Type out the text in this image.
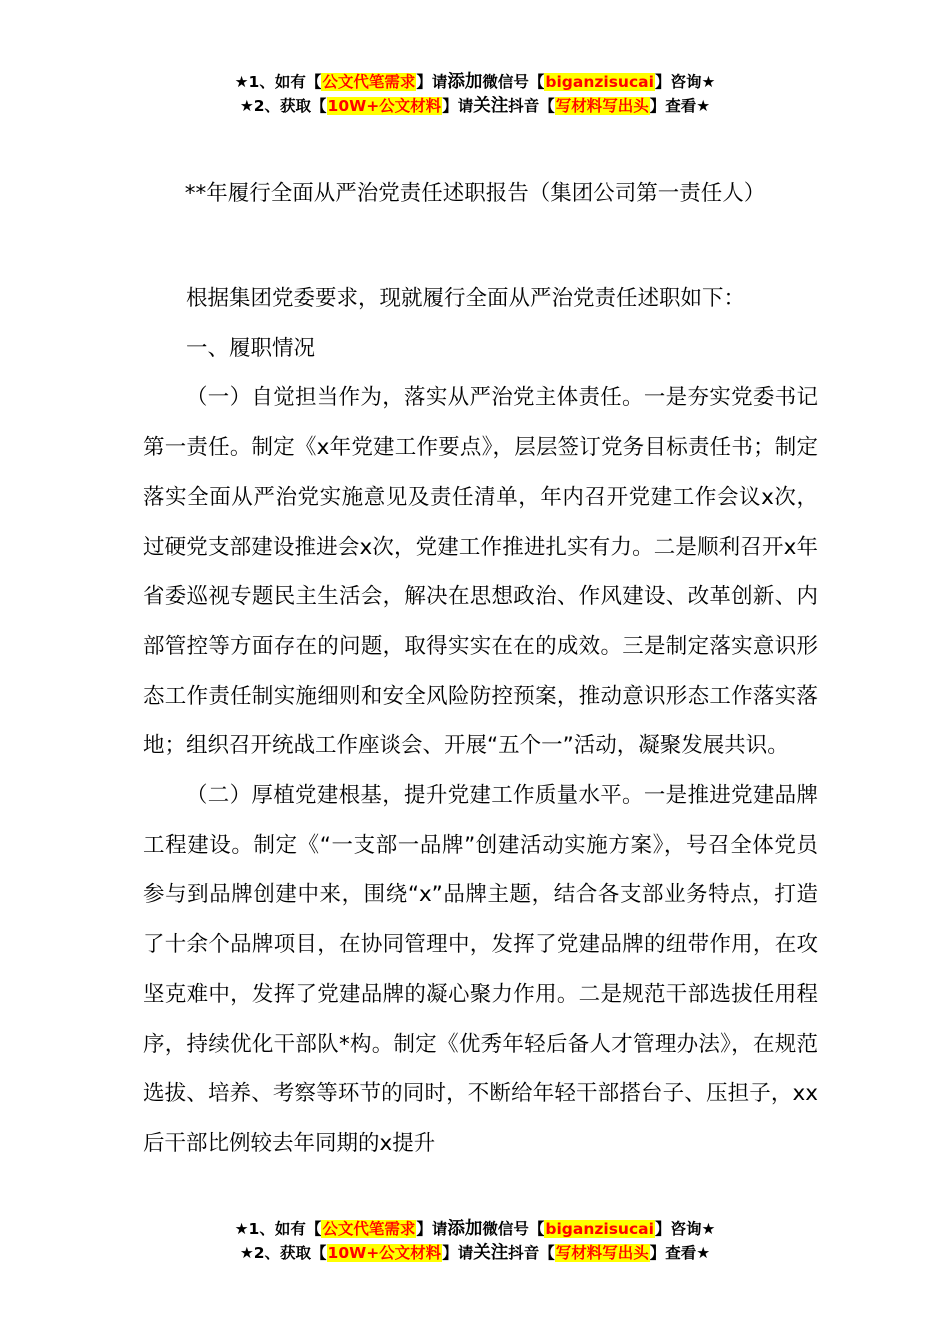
★1、如有【公文代笔需求】请添加微信号【biganzisucai】咨询★
★2、获取【10W+公文材料】请关注抖音【写材料写出头】查看★
**年履行全面从严治党责任述职报告（集团公司第一责任人）

根据集团党委要求，现就履行全面从严治党责任述职如下：

一、履职情况

（一）自觉担当作为，落实从严治党主体责任。一是夯实党委书记第一责任。制定《x年党建工作要点》，层层签订党务目标责任书；制定落实全面从严治党实施意见及责任清单，年内召开党建工作会议x次，过硬党支部建设推进会x次，党建工作推进扎实有力。二是顺利召开x年省委巡视专题民主生活会，解决在思想政治、作风建设、改革创新、内部管控等方面存在的问题，取得实实在在的成效。三是制定落实意识形态工作责任制实施细则和安全风险防控预案，推动意识形态工作落实落地；组织召开统战工作座谈会、开展“五个一”活动，凝聚发展共识。

（二）厚植党建根基，提升党建工作质量水平。一是推进党建品牌工程建设。制定《“一支部一品牌”创建活动实施方案》，号召全体党员参与到品牌创建中来，围绕“x”品牌主题，结合各支部业务特点，打造了十余个品牌项目，在协同管理中，发挥了党建品牌的纽带作用，在攻坚克难中，发挥了党建品牌的凝心聚力作用。二是规范干部选拔任用程序，持续优化干部队*构。制定《优秀年轻后备人才管理办法》，在规范选拔、培养、考察等环节的同时，不断给年轻干部搭台子、压担子，xx后干部比例较去年同期的x提升

★1、如有【公文代笔需求】请添加微信号【biganzisucai】咨询★
★2、获取【10W+公文材料】请关注抖音【写材料写出头】查看★
